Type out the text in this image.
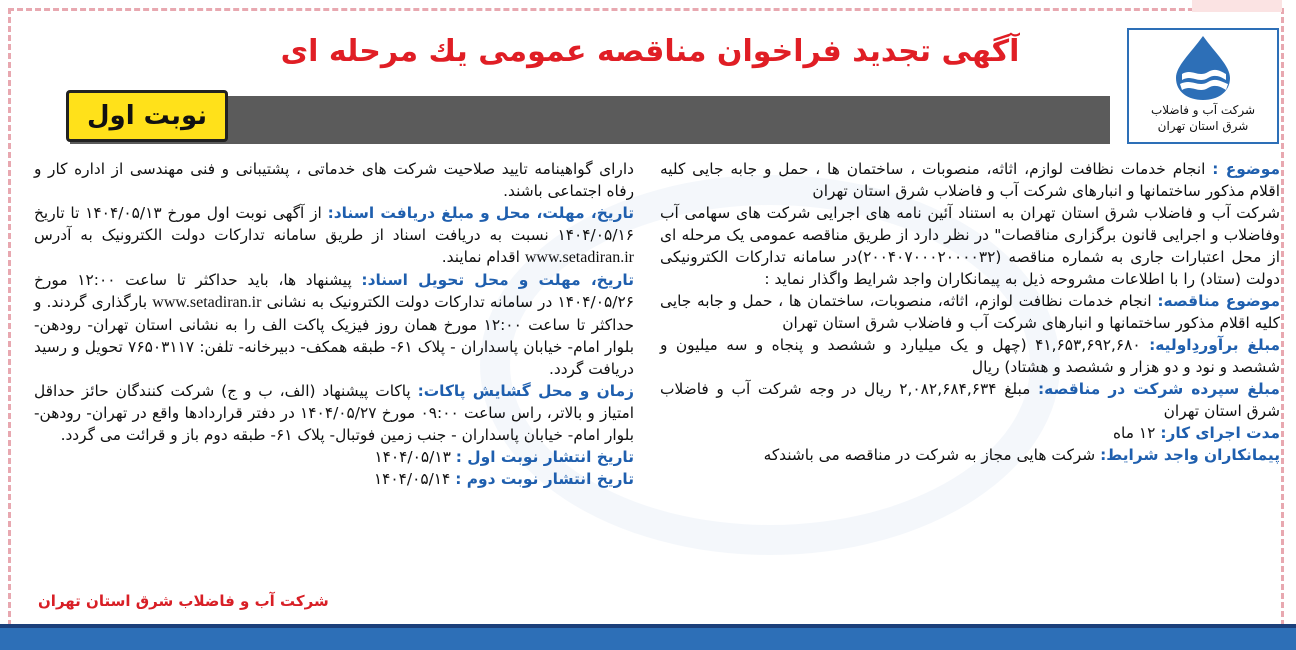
شرکت آب و فاضلاب
شرق استان تهران
آگهی تجدید فراخوان مناقصه عمومی یك مرحله ای
نوبت اول

موضوع : انجام خدمات نظافت لوازم، اثاثه، منصوبات ، ساختمان ها ، حمل و جابه جایی کلیه اقلام مذکور ساختمانها و انبارهای شرکت آب و فاضلاب شرق استان تهران

شرکت آب و فاضلاب شرق استان تهران به استناد آئین نامه های اجرایی شرکت های سهامی آب وفاضلاب و اجرایی قانون برگزاری مناقصات" در نظر دارد از طریق مناقصه عمومی یک مرحله ای از محل اعتبارات جاری به شماره مناقصه (۲۰۰۴۰۷۰۰۰۲۰۰۰۰۳۲)در سامانه تدارکات الکترونیکی دولت (ستاد) را با اطلاعات مشروحه ذیل به پیمانکاران واجد شرایط واگذار نماید :

موضوع مناقصه: انجام خدمات نظافت لوازم، اثاثه، منصوبات، ساختمان ها ، حمل و جابه جایی کلیه اقلام مذکور ساختمانها و انبارهای شرکت آب و فاضلاب شرق استان تهران

مبلغ برآوردِاولیه: ۴۱,۶۵۳,۶۹۲,۶۸۰ (چهل و یک میلیارد و ششصد و پنجاه و سه میلیون و ششصد و نود و دو هزار و ششصد و هشتاد) ریال

مبلغ سپرده شرکت در مناقصه: مبلغ ۲,۰۸۲,۶۸۴,۶۳۴ ریال در وجه شرکت آب و فاضلاب شرق استان تهران

مدت اجرای کار: ۱۲ ماه

پیمانکاران واجد شرایط: شرکت هایی مجاز به شرکت در مناقصه می باشندکه

دارای گواهینامه تایید صلاحیت شرکت های خدماتی ، پشتیبانی و فنی مهندسی از اداره کار و رفاه اجتماعی باشند.

تاریخ، مهلت، محل و مبلغ دریافت اسناد: از آگهی نوبت اول مورخ ۱۴۰۴/۰۵/۱۳ تا تاریخ ۱۴۰۴/۰۵/۱۶ نسبت به دریافت اسناد از طریق سامانه تدارکات دولت الکترونیک به آدرس www.setadiran.ir اقدام نمایند.

تاریخ، مهلت و محل تحویل اسناد: پیشنهاد ها، باید حداکثر تا ساعت ۱۲:۰۰ مورخ ۱۴۰۴/۰۵/۲۶ در سامانه تدارکات دولت الکترونیک به نشانی www.setadiran.ir بارگذاری گردند. و حداکثر تا ساعت ۱۲:۰۰ مورخ همان روز فیزیک پاکت الف را به نشانی استان تهران- رودهن- بلوار امام- خیابان پاسداران - پلاک ۶۱- طبقه همکف- دبیرخانه- تلفن: ۷۶۵۰۳۱۱۷ تحویل و رسید دریافت گردد.

زمان و محل گشایش پاکات: پاکات پیشنهاد (الف، ب و ج) شرکت کنندگان حائز حداقل امتیاز و بالاتر، راس ساعت ۰۹:۰۰ مورخ ۱۴۰۴/۰۵/۲۷ در دفتر قراردادها واقع در تهران- رودهن- بلوار امام- خیابان پاسداران - جنب زمین فوتبال- پلاک ۶۱- طبقه دوم باز و قرائت می گردد.

تاریخ انتشار نوبت اول : ۱۴۰۴/۰۵/۱۳

تاریخ انتشار نوبت دوم : ۱۴۰۴/۰۵/۱۴

شرکت آب و فاضلاب شرق استان تهران
